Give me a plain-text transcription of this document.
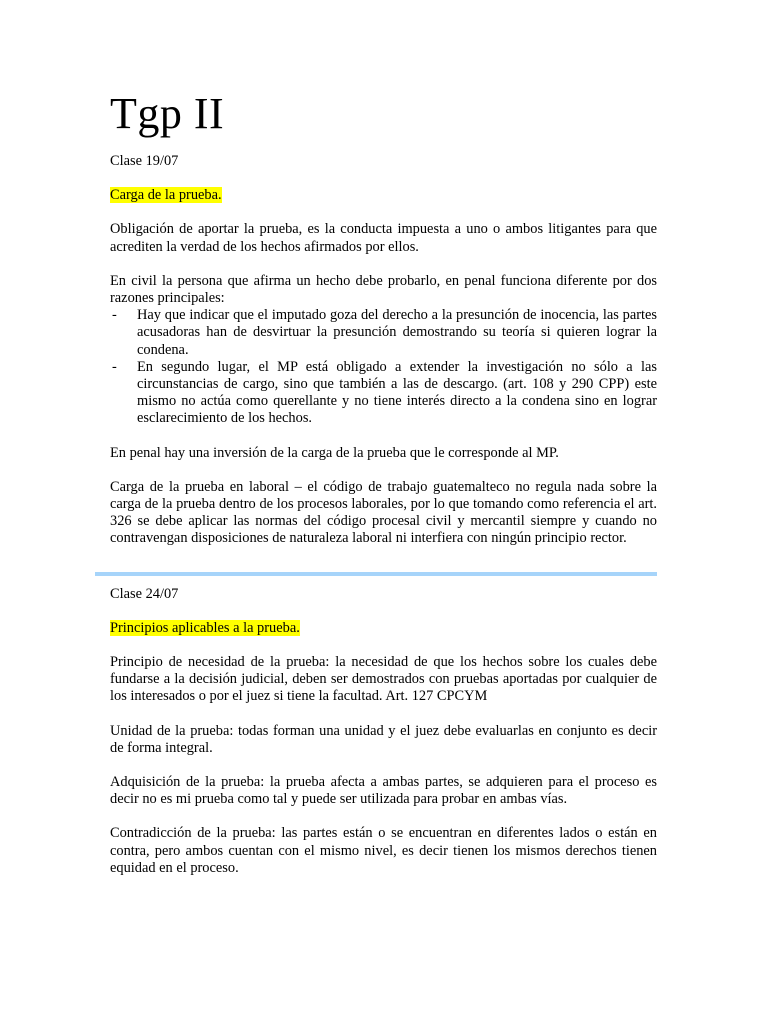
Tgp II

Clase 19/07

Carga de la prueba.

Obligación de aportar la prueba, es la conducta impuesta a uno o ambos litigantes para que acrediten la verdad de los hechos afirmados por ellos.

En civil la persona que afirma un hecho debe probarlo, en penal funciona diferente por dos razones principales:

- Hay que indicar que el imputado goza del derecho a la presunción de inocencia, las partes acusadoras han de desvirtuar la presunción demostrando su teoría si quieren lograr la condena.
- En segundo lugar, el MP está obligado a extender la investigación no sólo a las circunstancias de cargo, sino que también a las de descargo. (art. 108 y 290 CPP) este mismo no actúa como querellante y no tiene interés directo a la condena sino en lograr esclarecimiento de los hechos.

En penal hay una inversión de la carga de la prueba que le corresponde al MP.

Carga de la prueba en laboral – el código de trabajo guatemalteco no regula nada sobre la carga de la prueba dentro de los procesos laborales, por lo que tomando como referencia el art. 326 se debe aplicar las normas del código procesal civil y mercantil siempre y cuando no contravengan disposiciones de naturaleza laboral ni interfiera con ningún principio rector.

Clase 24/07

Principios aplicables a la prueba.

Principio de necesidad de la prueba: la necesidad de que los hechos sobre los cuales debe fundarse a la decisión judicial, deben ser demostrados con pruebas aportadas por cualquier de los interesados o por el juez si tiene la facultad. Art. 127 CPCYM

Unidad de la prueba: todas forman una unidad y el juez debe evaluarlas en conjunto es decir de forma integral.

Adquisición de la prueba: la prueba afecta a ambas partes, se adquieren para el proceso es decir no es mi prueba como tal y puede ser utilizada para probar en ambas vías.

Contradicción de la prueba: las partes están o se encuentran en diferentes lados o están en contra, pero ambos cuentan con el mismo nivel, es decir tienen los mismos derechos tienen equidad en el proceso.
